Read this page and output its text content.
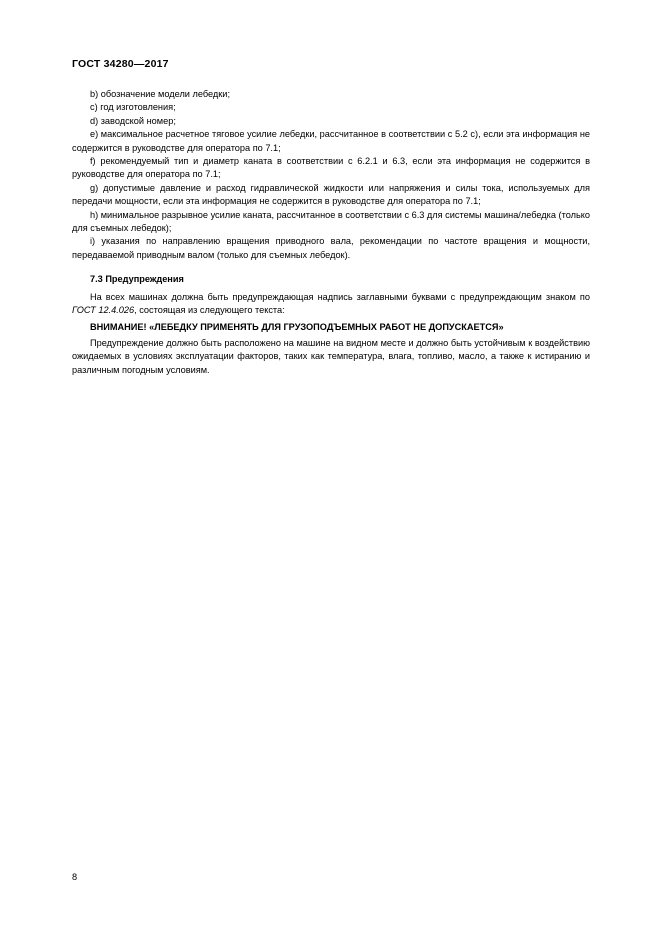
ГОСТ 34280—2017

b) обозначение модели лебедки;

c) год изготовления;

d) заводской номер;

e) максимальное расчетное тяговое усилие лебедки, рассчитанное в соответствии с 5.2 с), если эта информация не содержится в руководстве для оператора по 7.1;

f) рекомендуемый тип и диаметр каната в соответствии с 6.2.1 и 6.3, если эта информация не содержится в руководстве для оператора по 7.1;

g) допустимые давление и расход гидравлической жидкости или напряжения и силы тока, используемых для передачи мощности, если эта информация не содержится в руководстве для оператора по 7.1;

h) минимальное разрывное усилие каната, рассчитанное в соответствии с 6.3 для системы машина/лебедка (только для съемных лебедок);

i) указания по направлению вращения приводного вала, рекомендации по частоте вращения и мощности, передаваемой приводным валом (только для съемных лебедок).

7.3 Предупреждения

На всех машинах должна быть предупреждающая надпись заглавными буквами с предупреждающим знаком по ГОСТ 12.4.026, состоящая из следующего текста:

ВНИМАНИЕ! «ЛЕБЕДКУ ПРИМЕНЯТЬ ДЛЯ ГРУЗОПОДЪЕМНЫХ РАБОТ НЕ ДОПУСКАЕТСЯ»

Предупреждение должно быть расположено на машине на видном месте и должно быть устойчивым к воздействию ожидаемых в условиях эксплуатации факторов, таких как температура, влага, топливо, масло, а также к истиранию и различным погодным условиям.

8
